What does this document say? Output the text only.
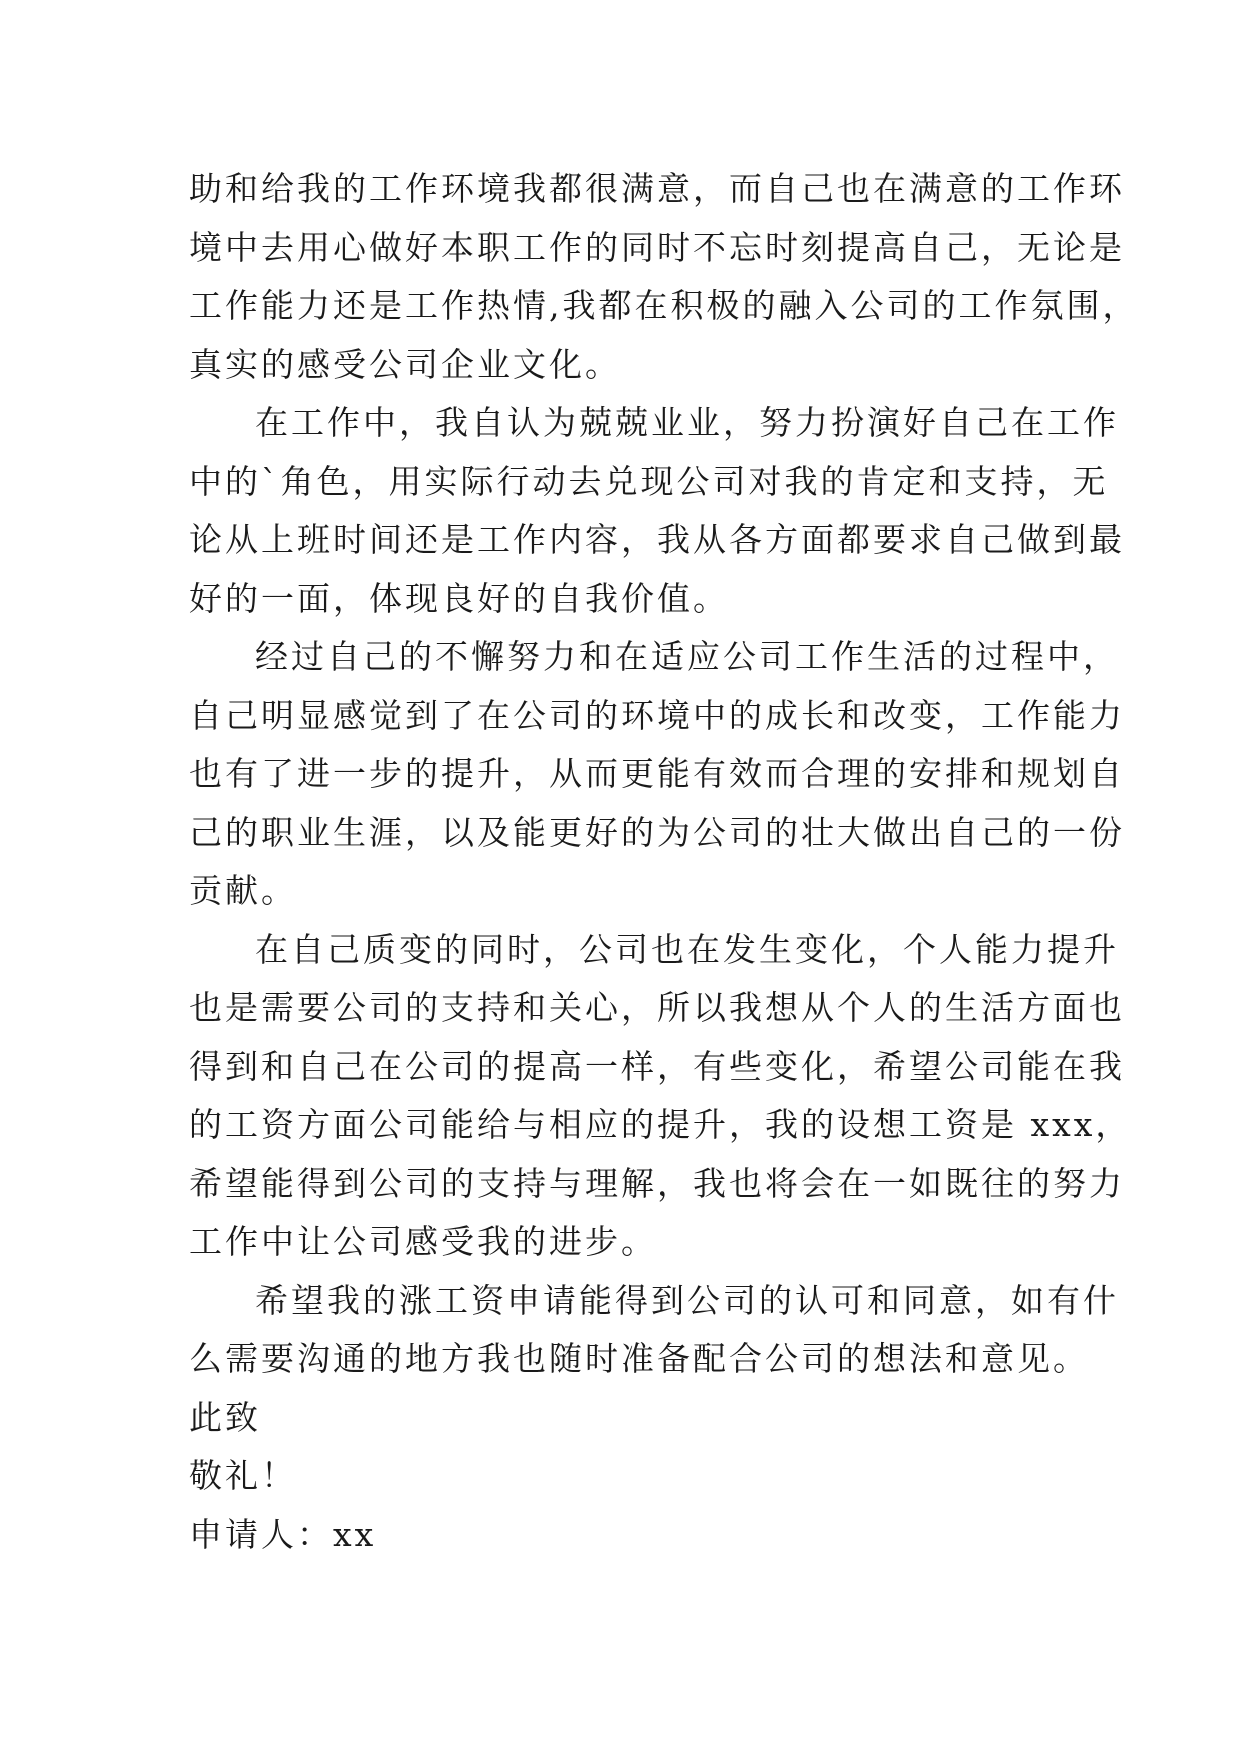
助和给我的工作环境我都很满意，而自己也在满意的工作环
境中去用心做好本职工作的同时不忘时刻提高自己，无论是
工作能力还是工作热情,我都在积极的融入公司的工作氛围，
真实的感受公司企业文化。
在工作中，我自认为兢兢业业，努力扮演好自己在工作
中的`角色，用实际行动去兑现公司对我的肯定和支持，无
论从上班时间还是工作内容，我从各方面都要求自己做到最
好的一面，体现良好的自我价值。
经过自己的不懈努力和在适应公司工作生活的过程中，
自己明显感觉到了在公司的环境中的成长和改变，工作能力
也有了进一步的提升，从而更能有效而合理的安排和规划自
己的职业生涯，以及能更好的为公司的壮大做出自己的一份
贡献。
在自己质变的同时，公司也在发生变化，个人能力提升
也是需要公司的支持和关心，所以我想从个人的生活方面也
得到和自己在公司的提高一样，有些变化，希望公司能在我
的工资方面公司能给与相应的提升，我的设想工资是 xxx，
希望能得到公司的支持与理解，我也将会在一如既往的努力
工作中让公司感受我的进步。
希望我的涨工资申请能得到公司的认可和同意，如有什
么需要沟通的地方我也随时准备配合公司的想法和意见。
此致
敬礼！
申请人：xx
